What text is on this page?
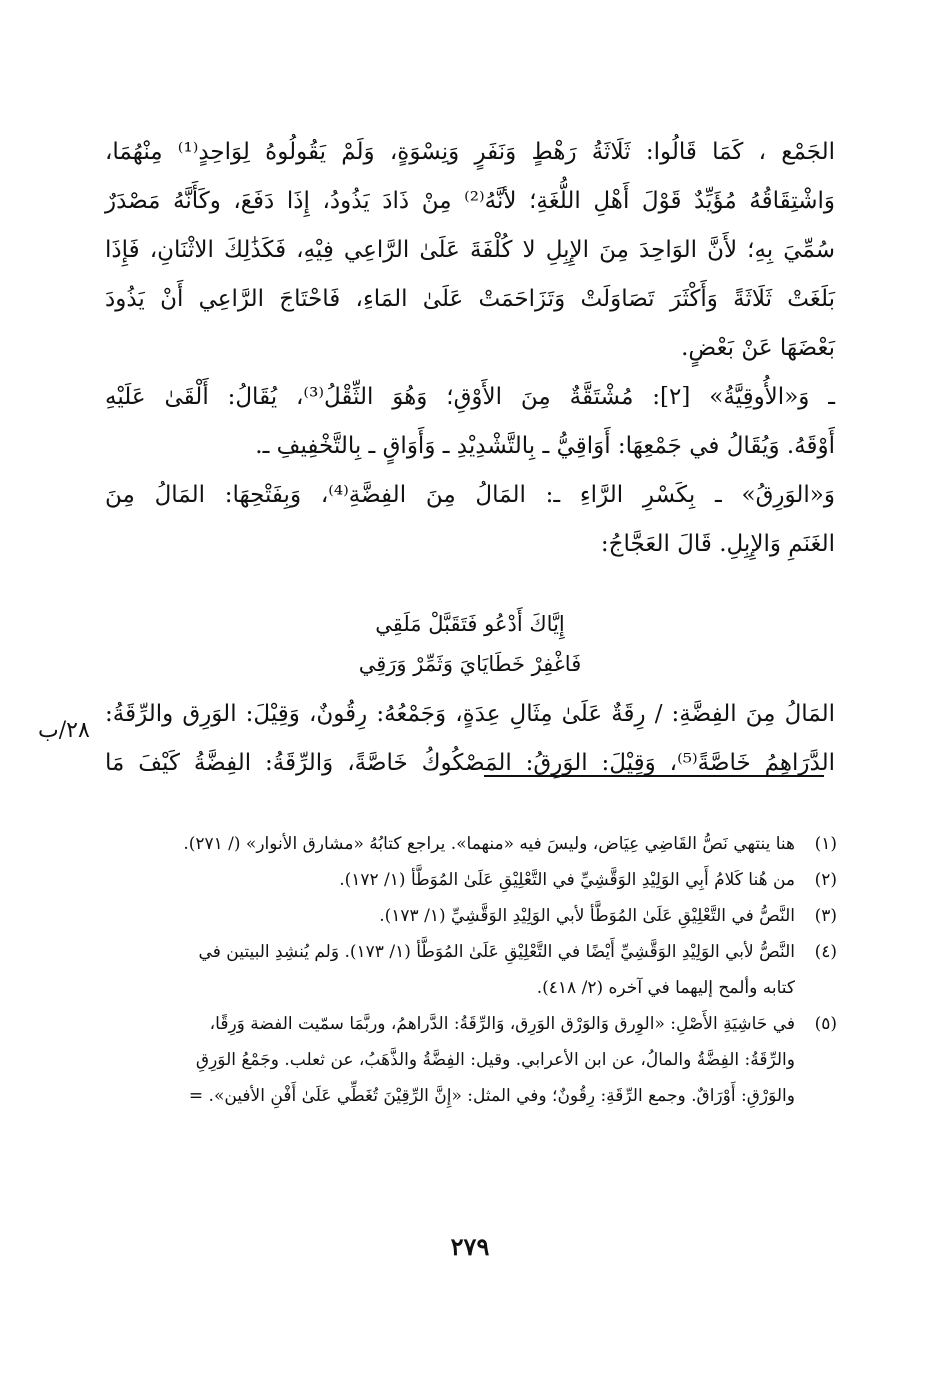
الجَمْع ، كَمَا قَالُوا: ثَلَاثَةُ رَهْطٍ وَنَفَرٍ وَنِسْوَةٍ، وَلَمْ يَقُولُوهُ لِوَاحِدٍ⁽¹⁾ مِنْهُمَا،
وَاشْتِقَاقُهُ مُؤَيِّدٌ قَوْلَ أَهْلِ اللُّغَةِ؛ لأنَّهُ⁽²⁾ مِنْ ذَادَ يَذُودُ، إِذَا دَفَعَ، وكَأَنَّهُ مَصْدَرٌ
سُمِّيَ بِهِ؛ لأَنَّ الوَاحِدَ مِنَ الإِبِلِ لا كُلْفَةَ عَلَىٰ الرَّاعِي فِيْهِ، فَكَذَٰلِكَ الاثْنَانِ، فَإِذَا
بَلَغَتْ ثَلَاثَةً وَأَكْثَرَ تَصَاوَلَتْ وَتَزَاحَمَتْ عَلَىٰ المَاءِ، فَاحْتَاجَ الرَّاعِي أَنْ يَذُودَ
بَعْضَهَا عَنْ بَعْضٍ.
ـ وَ«الأُوقِيَّةُ» [٢]: مُشْتَقَّةٌ مِنَ الأَوْقِ؛ وَهُوَ الثِّقْلُ⁽³⁾، يُقَالُ: أَلْقَىٰ عَلَيْهِ
أَوْقَهُ. وَيُقَالُ في جَمْعِهَا: أَوَاقِيُّ ـ بِالتَّشْدِيْدِ ـ وَأَوَاقٍ ـ بِالتَّخْفِيفِ ـ.
وَ«الوَرِقُ» ـ بِكَسْرِ الرَّاءِ ـ: المَالُ مِنَ الفِضَّةِ⁽⁴⁾، وَبِفَتْحِهَا: المَالُ مِنَ
الغَنَمِ وَالإِبِلِ. قَالَ العَجَّاجُ:
إِيَّاكَ أَدْعُو فَتَقَبَّلْ مَلَقِي
فَاغْفِرْ خَطَايَايَ وَثَمِّرْ وَرَقِي
المَالُ مِنَ الفِضَّةِ: / رِقَةٌ عَلَىٰ مِثَالِ عِدَةٍ، وَجَمْعُهُ: رِقُونٌ، وَقِيْلَ: الوَرِق والرِّقَةُ:
الدَّرَاهِمُ خَاصَّةً⁽⁵⁾، وَقِيْلَ: الوَرِقُ: المَصْكُوكُ خَاصَّةً، وَالرِّقَةُ: الفِضَّةُ كَيْفَ مَا
٢٨/ب
(١)
هنا ينتهي نَصُّ القَاضِي عِيَاض، وليسَ فيه «منهما». يراجع كتابُهُ «مشارق الأنوار» (/ ٢٧١).
(٢)
من هُنا كَلامُ أَبِي الوَلِيْدِ الوَقَّشِيِّ في التَّعْلِيْقِ عَلَىٰ المُوَطَّأ (١/ ١٧٢).
(٣)
النَّصُّ في التَّعْلِيْقِ عَلَىٰ المُوَطَّأ لأبي الوَلِيْدِ الوَقَّشِيِّ (١/ ١٧٣).
(٤)
النَّصُّ لأبي الوَلِيْدِ الوَقَّشِيِّ أَيْضًا في التَّعْلِيْقِ عَلَىٰ المُوَطَّأ (١/ ١٧٣). وَلم يُنشِدِ البيتين في
كتابه وألمح إليهما في آخره (٢/ ٤١٨).
(٥)
في حَاشِيَةِ الأَصْلِ: «الوِرق وَالوَرْق الوَرِق، وَالرِّقَةُ: الدَّراهمُ، وربَّمَا سمّيت الفضة وَرِقًا،
والرِّقَةُ: الفِضَّةُ والمالُ، عن ابن الأعرابي. وقيل: الفِضَّةُ والذَّهَبُ، عن ثعلب. وجَمْعُ الوَرِقِ
والوَرْقِ: أَوْرَاقٌ. وجمع الرِّقَةِ: رِقُونٌ؛ وفي المثل: «إِنَّ الرِّقِيْنَ تُغَطِّي عَلَىٰ أَفْنِ الأفين». =
٢٧٩
